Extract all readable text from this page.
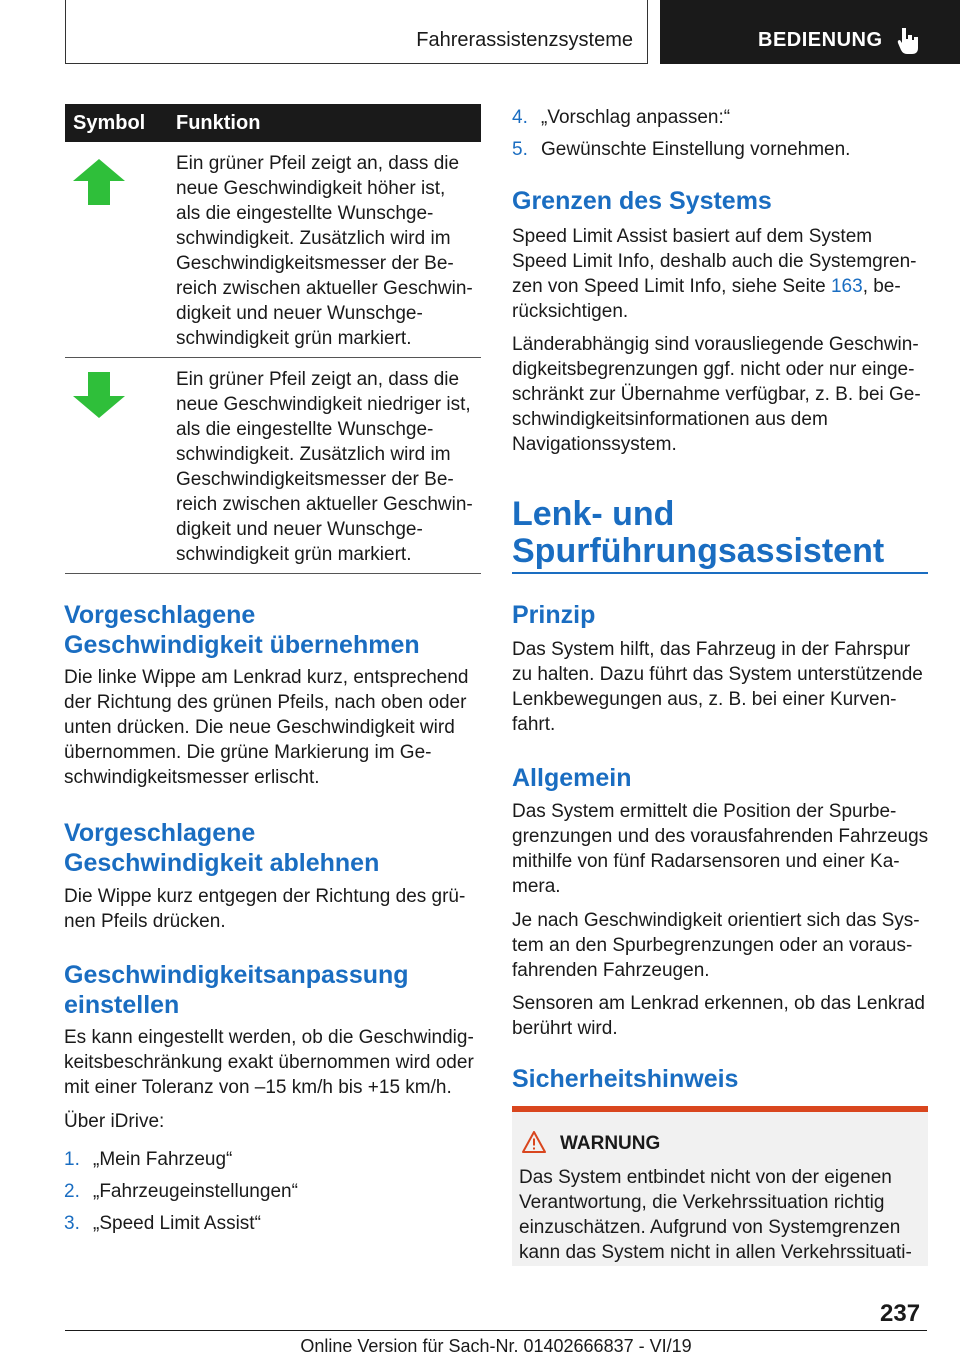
Fahrerassistenzsysteme	BEDIENUNG
Symbol Funktion
Ein grüner Pfeil zeigt an, dass die
neue Geschwindigkeit höher ist,
als die eingestellte Wunschge-
schwindigkeit. Zusätzlich wird im
Geschwindigkeitsmesser der Be-
reich zwischen aktueller Geschwin-
digkeit und neuer Wunschge-
schwindigkeit grün markiert.
Ein grüner Pfeil zeigt an, dass die
neue Geschwindigkeit niedriger ist,
als die eingestellte Wunschge-
schwindigkeit. Zusätzlich wird im
Geschwindigkeitsmesser der Be-
reich zwischen aktueller Geschwin-
digkeit und neuer Wunschge-
schwindigkeit grün markiert.
Vorgeschlagene
Geschwindigkeit übernehmen
Die linke Wippe am Lenkrad kurz, entsprechend
der Richtung des grünen Pfeils, nach oben oder
unten drücken. Die neue Geschwindigkeit wird
übernommen. Die grüne Markierung im Ge-
schwindigkeitsmesser erlischt.
Vorgeschlagene
Geschwindigkeit ablehnen
Die Wippe kurz entgegen der Richtung des grü-
nen Pfeils drücken.
Geschwindigkeitsanpassung
einstellen
Es kann eingestellt werden, ob die Geschwindig-
keitsbeschränkung exakt übernommen wird oder
mit einer Toleranz von –15 km/h bis +15 km/h.
Über iDrive:
1. „Mein Fahrzeug“
2. „Fahrzeugeinstellungen“
3. „Speed Limit Assist“
4. „Vorschlag anpassen:“
5. Gewünschte Einstellung vornehmen.
Grenzen des Systems
Speed Limit Assist basiert auf dem System
Speed Limit Info, deshalb auch die Systemgren-
zen von Speed Limit Info, siehe Seite 163, be-
rücksichtigen.
Länderabhängig sind vorausliegende Geschwin-
digkeitsbegrenzungen ggf. nicht oder nur einge-
schränkt zur Übernahme verfügbar, z. B. bei Ge-
schwindigkeitsinformationen aus dem
Navigationssystem.
Lenk- und
Spurführungsassistent
Prinzip
Das System hilft, das Fahrzeug in der Fahrspur
zu halten. Dazu führt das System unterstützende
Lenkbewegungen aus, z. B. bei einer Kurven-
fahrt.
Allgemein
Das System ermittelt die Position der Spurbe-
grenzungen und des vorausfahrenden Fahrzeugs
mithilfe von fünf Radarsensoren und einer Ka-
mera.
Je nach Geschwindigkeit orientiert sich das Sys-
tem an den Spurbegrenzungen oder an voraus-
fahrenden Fahrzeugen.
Sensoren am Lenkrad erkennen, ob das Lenkrad
berührt wird.
Sicherheitshinweis
WARNUNG
Das System entbindet nicht von der eigenen
Verantwortung, die Verkehrssituation richtig
einzuschätzen. Aufgrund von Systemgrenzen
kann das System nicht in allen Verkehrssituati-
237
Online Version für Sach-Nr. 01402666837 - VI/19
